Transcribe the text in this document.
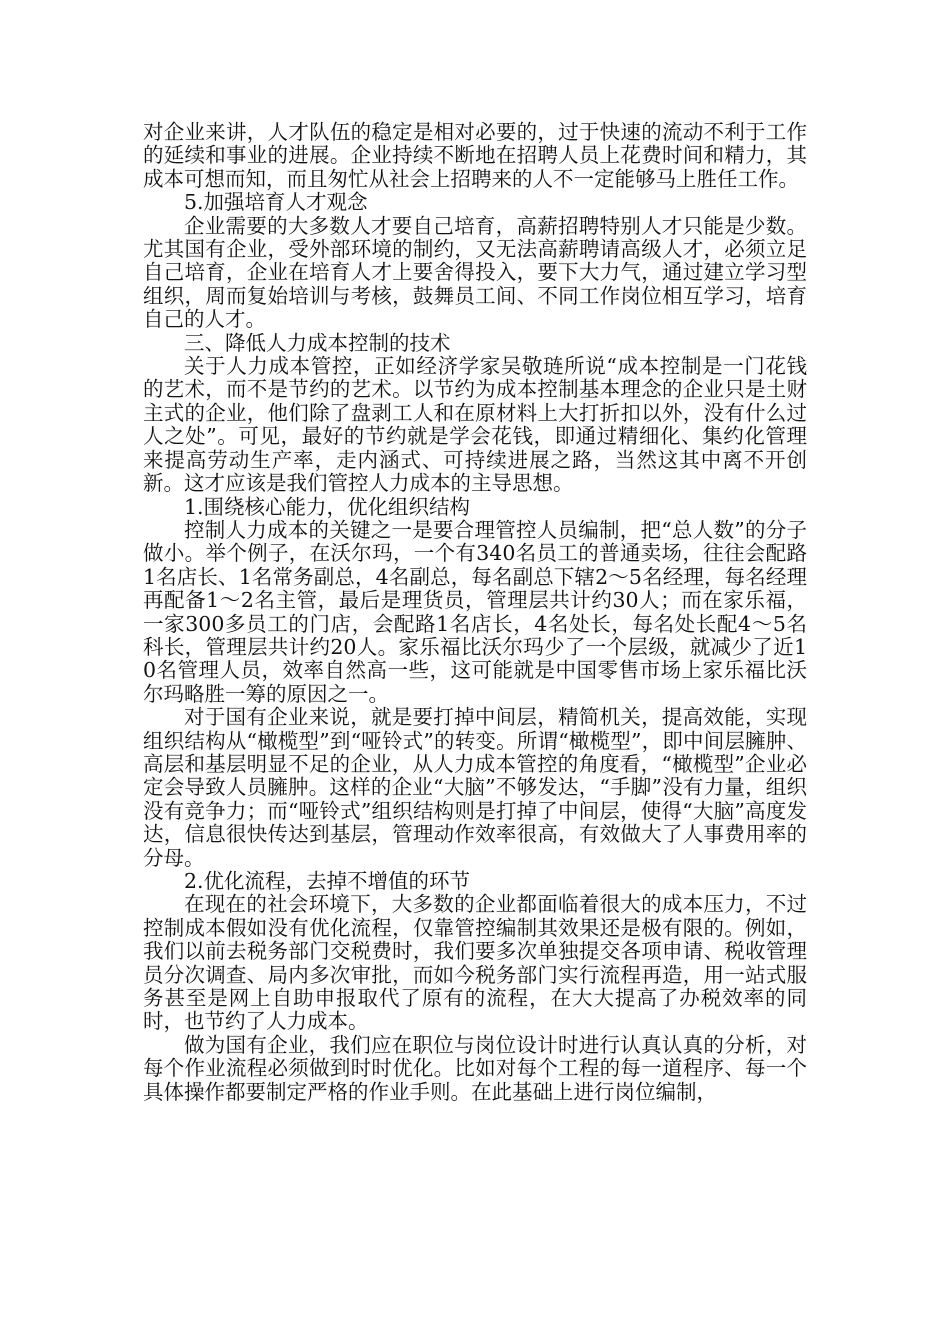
对企业来讲，人才队伍的稳定是相对必要的，过于快速的流动不利于工作的延续和事业的进展。企业持续不断地在招聘人员上花费时间和精力，其成本可想而知，而且匆忙从社会上招聘来的人不一定能够马上胜任工作。

5.加强培育人才观念

企业需要的大多数人才要自己培育，高薪招聘特别人才只能是少数。尤其国有企业，受外部环境的制约，又无法高薪聘请高级人才，必须立足自己培育，企业在培育人才上要舍得投入，要下大力气，通过建立学习型组织，周而复始培训与考核，鼓舞员工间、不同工作岗位相互学习，培育自己的人才。

三、降低人力成本控制的技术

关于人力成本管控，正如经济学家吴敬琏所说“成本控制是一门花钱的艺术，而不是节约的艺术。以节约为成本控制基本理念的企业只是土财主式的企业，他们除了盘剥工人和在原材料上大打折扣以外，没有什么过人之处”。可见，最好的节约就是学会花钱，即通过精细化、集约化管理来提高劳动生产率，走内涵式、可持续进展之路，当然这其中离不开创新。这才应该是我们管控人力成本的主导思想。

1.围绕核心能力，优化组织结构

控制人力成本的关键之一是要合理管控人员编制，把“总人数”的分子做小。举个例子，在沃尔玛，一个有340名员工的普通卖场，往往会配路1名店长、1名常务副总，4名副总，每名副总下辖2～5名经理，每名经理再配备1～2名主管，最后是理货员，管理层共计约30人；而在家乐福，一家300多员工的门店，会配路1名店长，4名处长，每名处长配4～5名科长，管理层共计约20人。家乐福比沃尔玛少了一个层级，就减少了近10名管理人员，效率自然高一些，这可能就是中国零售市场上家乐福比沃尔玛略胜一筹的原因之一。

对于国有企业来说，就是要打掉中间层，精简机关，提高效能，实现组织结构从“橄榄型”到“哑铃式”的转变。所谓“橄榄型”，即中间层臃肿、高层和基层明显不足的企业，从人力成本管控的角度看，“橄榄型”企业必定会导致人员臃肿。这样的企业“大脑”不够发达，“手脚”没有力量，组织没有竞争力；而“哑铃式”组织结构则是打掉了中间层，使得“大脑”高度发达，信息很快传达到基层，管理动作效率很高，有效做大了人事费用率的分母。

2.优化流程，去掉不增值的环节

在现在的社会环境下，大多数的企业都面临着很大的成本压力，不过控制成本假如没有优化流程，仅靠管控编制其效果还是极有限的。例如，我们以前去税务部门交税费时，我们要多次单独提交各项申请、税收管理员分次调查、局内多次审批，而如今税务部门实行流程再造，用一站式服务甚至是网上自助申报取代了原有的流程，在大大提高了办税效率的同时，也节约了人力成本。

做为国有企业，我们应在职位与岗位设计时进行认真认真的分析，对每个作业流程必须做到时时优化。比如对每个工程的每一道程序、每一个具体操作都要制定严格的作业手则。在此基础上进行岗位编制，
